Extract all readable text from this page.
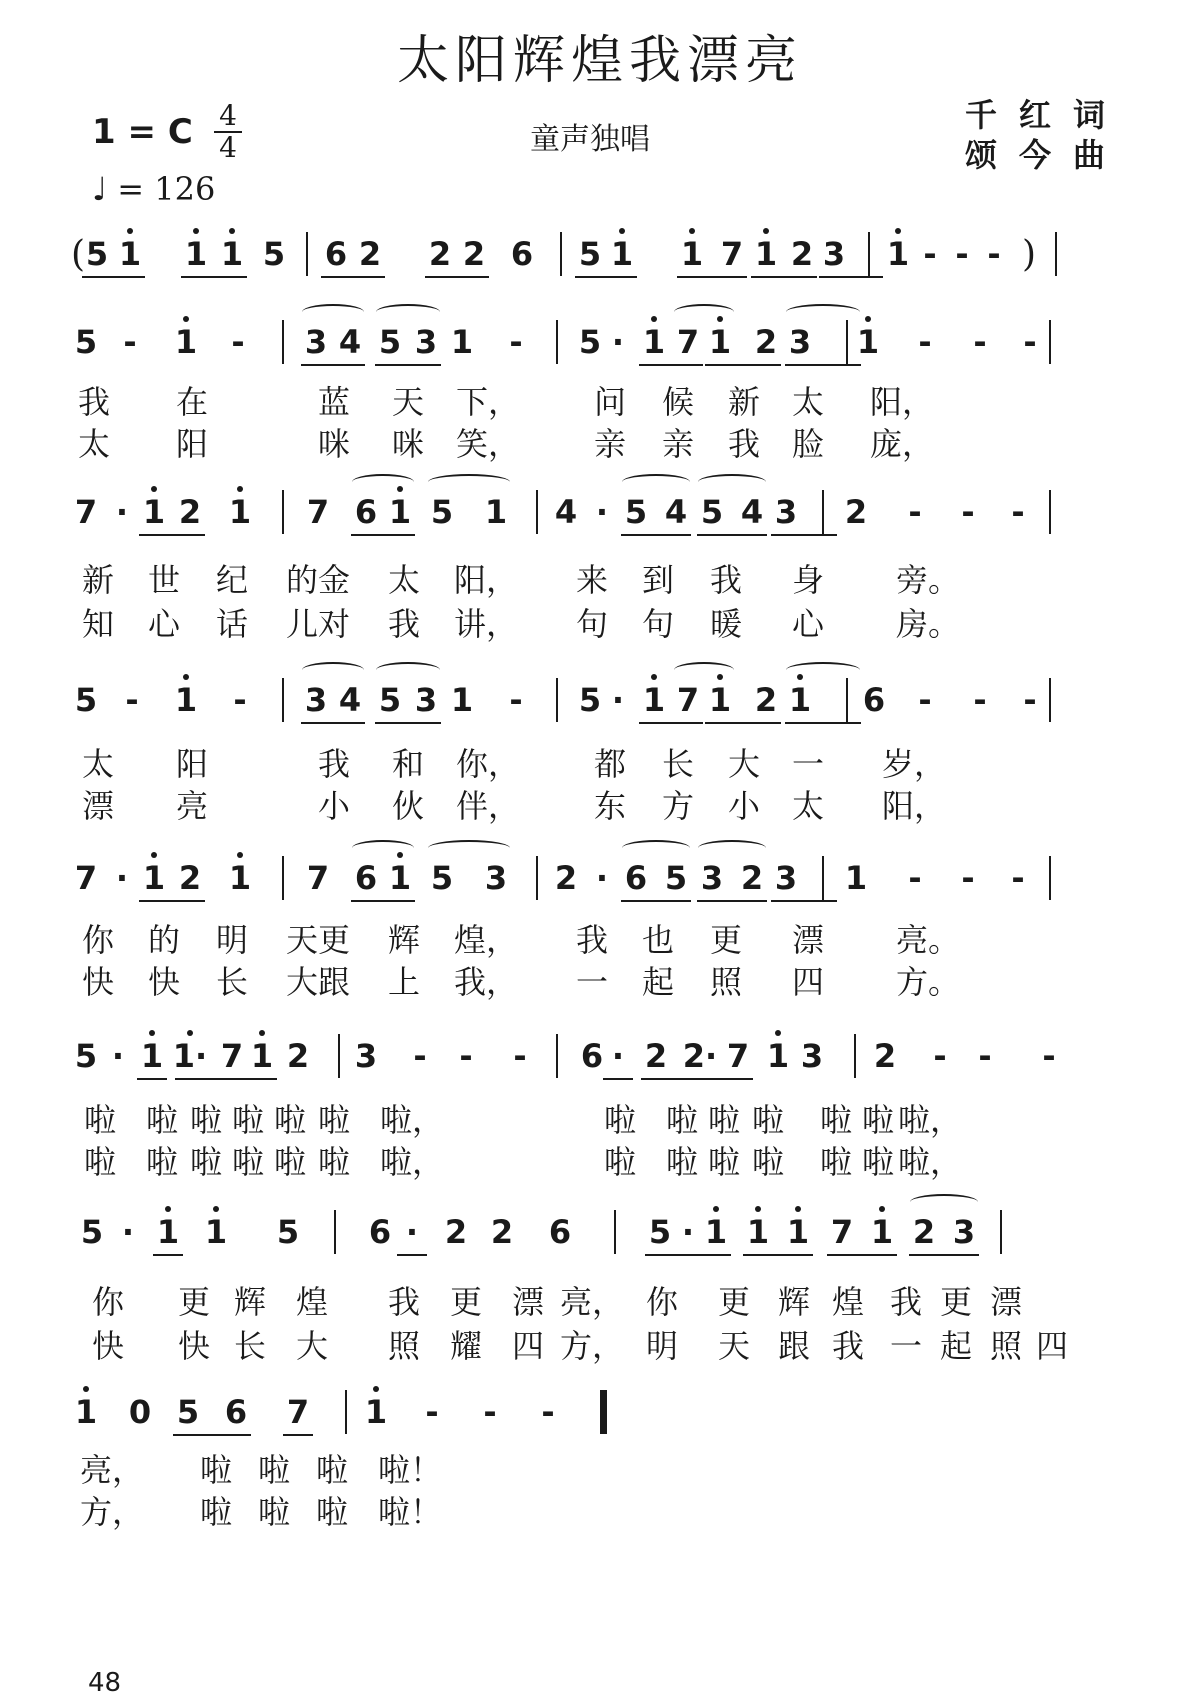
太阳辉煌我漂亮
1 = C 4
4
♩ = 126
童声独唱
千红词
颂今曲
( 5 1 1 1 5 6 2 2 2 6 5 1 1 7 1 2 3 1 - - - )
5 -	1	-	3 4 5 3 1	-	5 · 1 7 1 2 3 1	-	-	-
我 在	蓝 天 下， 问 候 新 太 阳，
太 阳	咪 咪 笑， 亲 亲 我 脸 庞，
7 · 1 2 1 7 6 1 5 1 4 · 5 4 5 4 3 2	-	-	-
新 世 纪 的 金 太 阳， 来 到 我 身 旁。
知 心 话 儿 对 我 讲， 句 句 暖 心 房。
5 -	1	-	3 4 5 3 1	-	5 · 1 7 1 2 1 6	-	-	-
太 阳	我 和 你， 都 长 大 一 岁，
漂 亮	小 伙 伴， 东 方 小 太 阳，
7 · 1 2 1 7 6 1 5 3 2 · 6 5 3 2 3 1	-	-	-
你 的 明 天 更 辉 煌， 我 也 更 漂 亮。
快 快 长 大 跟 上 我， 一 起 照 四 方。
5 · 1 1· 7 1 2 3	-	-	-	6 · 2 2· 7 1 3 2	- -	-
啦 啦 啦 啦 啦 啦 啦，	啦 啦 啦 啦 啦 啦 啦，
啦 啦 啦 啦 啦 啦 啦，	啦 啦 啦 啦 啦 啦 啦，
5 · 1 1 5 6 · 2 2 6 5 · 1 1 1 7 1 2 3
你 更 辉 煌 我 更 漂 亮， 你 更 辉 煌 我 更 漂
快 快 长 大 照 耀 四 方， 明 天 跟 我 一 起 照 四
1 0 5 6 7 1	-	-	-
亮， 啦 啦 啦 啦！
方， 啦 啦 啦 啦！
48
